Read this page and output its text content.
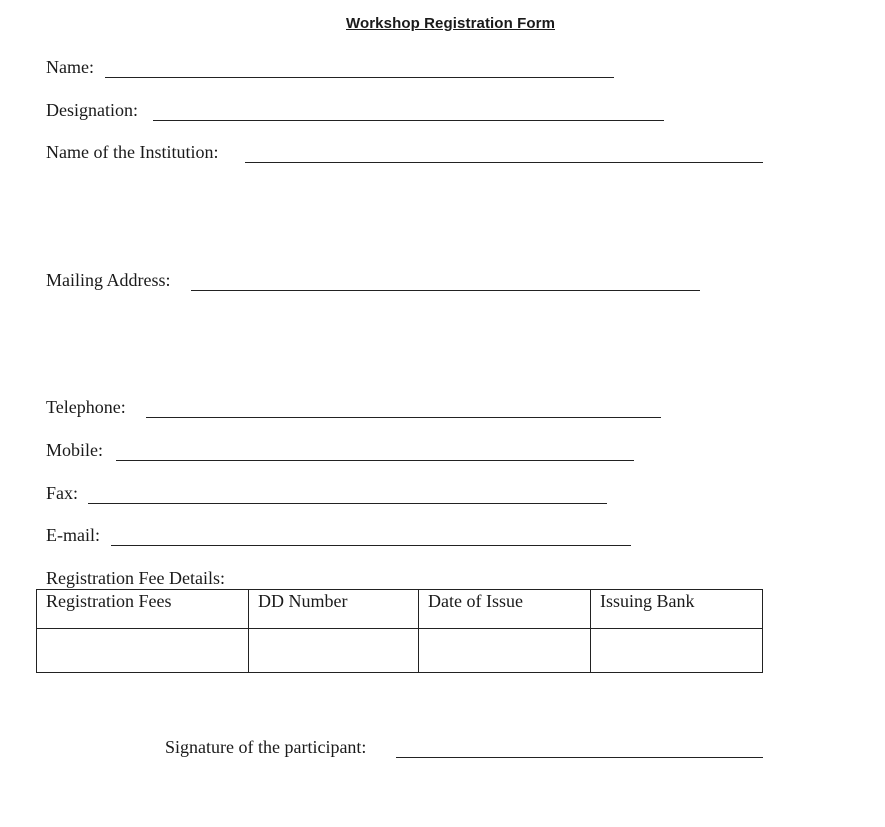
Workshop Registration Form
Name:
Designation:
Name of the Institution:
Mailing Address:
Telephone:
Mobile:
Fax:
E-mail:
Registration Fee Details:
Registration Fees	DD Number	Date of Issue	Issuing Bank

Signature of the participant:
